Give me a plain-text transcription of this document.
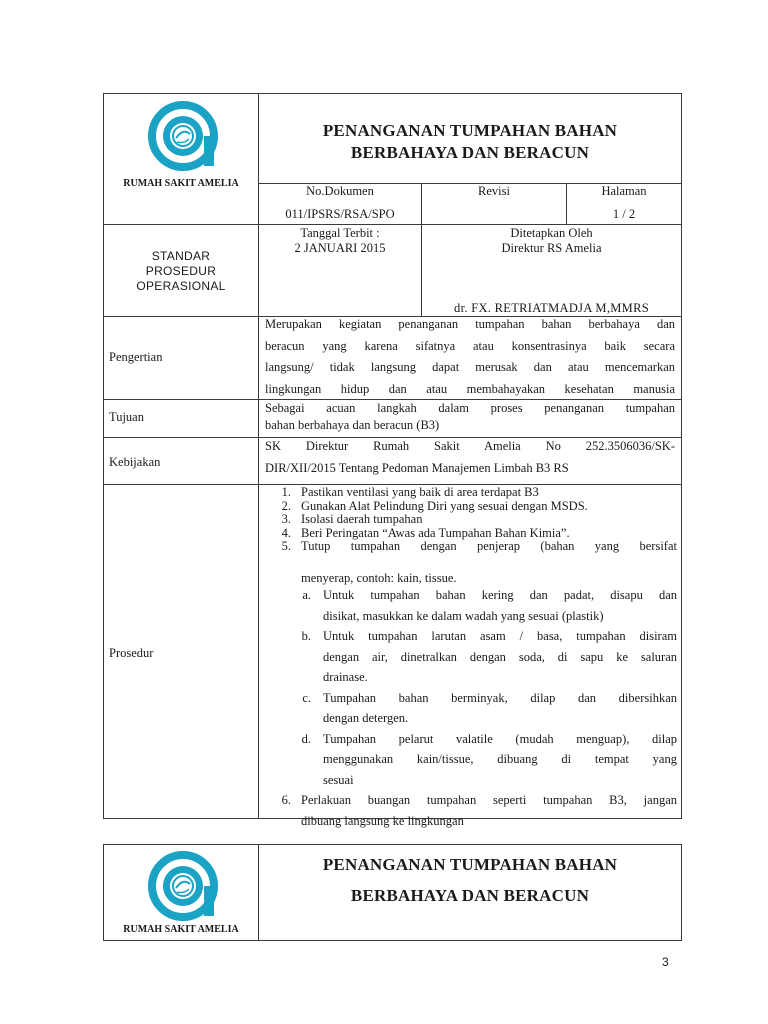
RUMAH SAKIT AMELIA
PENANGANAN TUMPAHAN BAHAN
BERBAHAYA DAN BERACUN
No.Dokumen
011/IPSRS/RSA/SPO
Revisi	Halaman
1 / 2
STANDAR
PROSEDUR
OPERASIONAL
Tanggal Terbit :
2 JANUARI 2015
Ditetapkan Oleh
Direktur RS Amelia
dr. FX. RETRIATMADJA M,MMRS
Pengertian
Merupakan kegiatan penanganan tumpahan bahan berbahaya dan
beracun yang karena sifatnya atau konsentrasinya baik secara
langsung/ tidak langsung dapat merusak dan atau mencemarkan
lingkungan hidup dan atau membahayakan kesehatan manusia
Tujuan
Sebagai acuan langkah dalam proses penanganan tumpahan
bahan berbahaya dan beracun (B3)
Kebijakan
SK Direktur Rumah Sakit Amelia No 252.3506036/SK-
DIR/XII/2015 Tentang Pedoman Manajemen Limbah B3 RS
Prosedur
1. Pastikan ventilasi yang baik di area terdapat B3
2. Gunakan Alat Pelindung Diri yang sesuai dengan MSDS.
3. Isolasi daerah tumpahan
4. Beri Peringatan “Awas ada Tumpahan Bahan Kimia”.
5. Tutup tumpahan dengan penjerap (bahan yang bersifat
menyerap, contoh: kain, tissue.
a. Untuk tumpahan bahan kering dan padat, disapu dan
disikat, masukkan ke dalam wadah yang sesuai (plastik)
b. Untuk tumpahan larutan asam / basa, tumpahan disiram
dengan air, dinetralkan dengan soda, di sapu ke saluran
drainase.
c. Tumpahan bahan berminyak, dilap dan dibersihkan
dengan detergen.
d. Tumpahan pelarut valatile (mudah menguap), dilap
menggunakan kain/tissue, dibuang di tempat yang
sesuai
6. Perlakuan buangan tumpahan seperti tumpahan B3, jangan
dibuang langsung ke lingkungan
RUMAH SAKIT AMELIA
PENANGANAN TUMPAHAN BAHAN
BERBAHAYA DAN BERACUN
3
